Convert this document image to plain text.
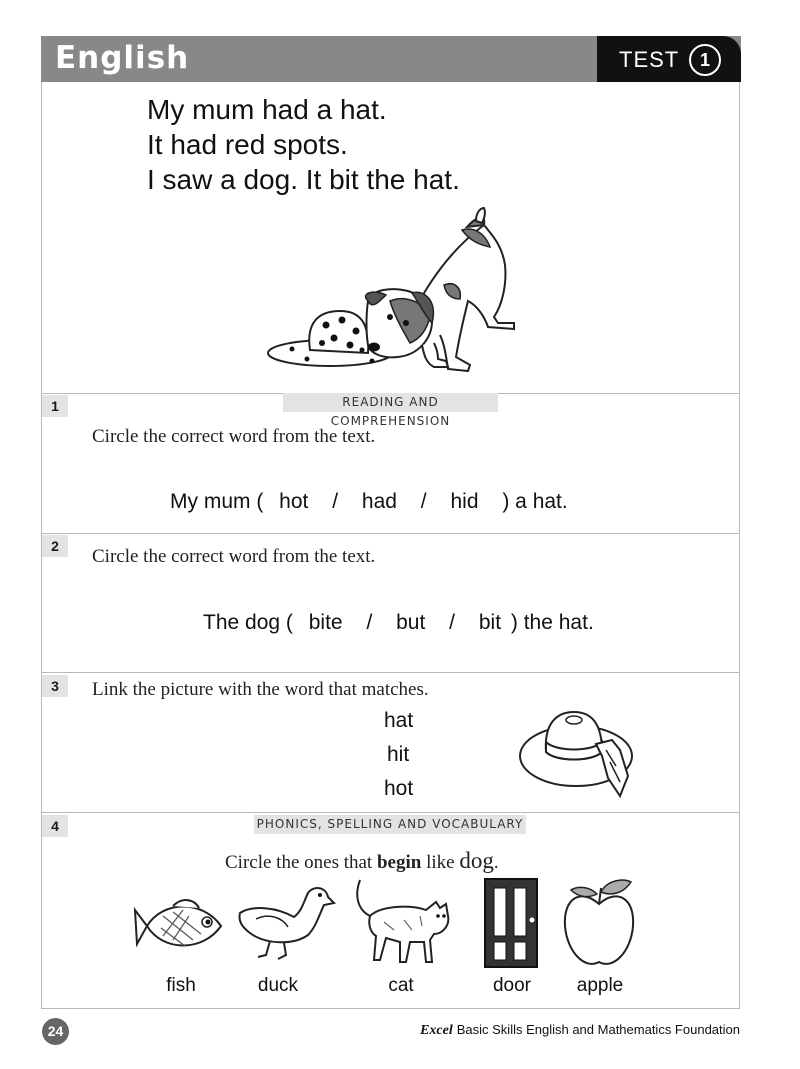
English	TEST	1
My mum had a hat.
It had red spots.
I saw a dog. It bit the hat.
1	READING AND COMPREHENSION
Circle the correct word from the text.
My mum ( hot / had / hid ) a hat.
2	Circle the correct word from the text.
The dog ( bite / but / bit ) the hat.
3	Link the picture with the word that matches.
hat
hit
hot
4	PHONICS, SPELLING AND VOCABULARY
Circle the ones that begin like dog.
fish	duck	cat	door	apple
24	Excel Basic Skills English and Mathematics Foundation
